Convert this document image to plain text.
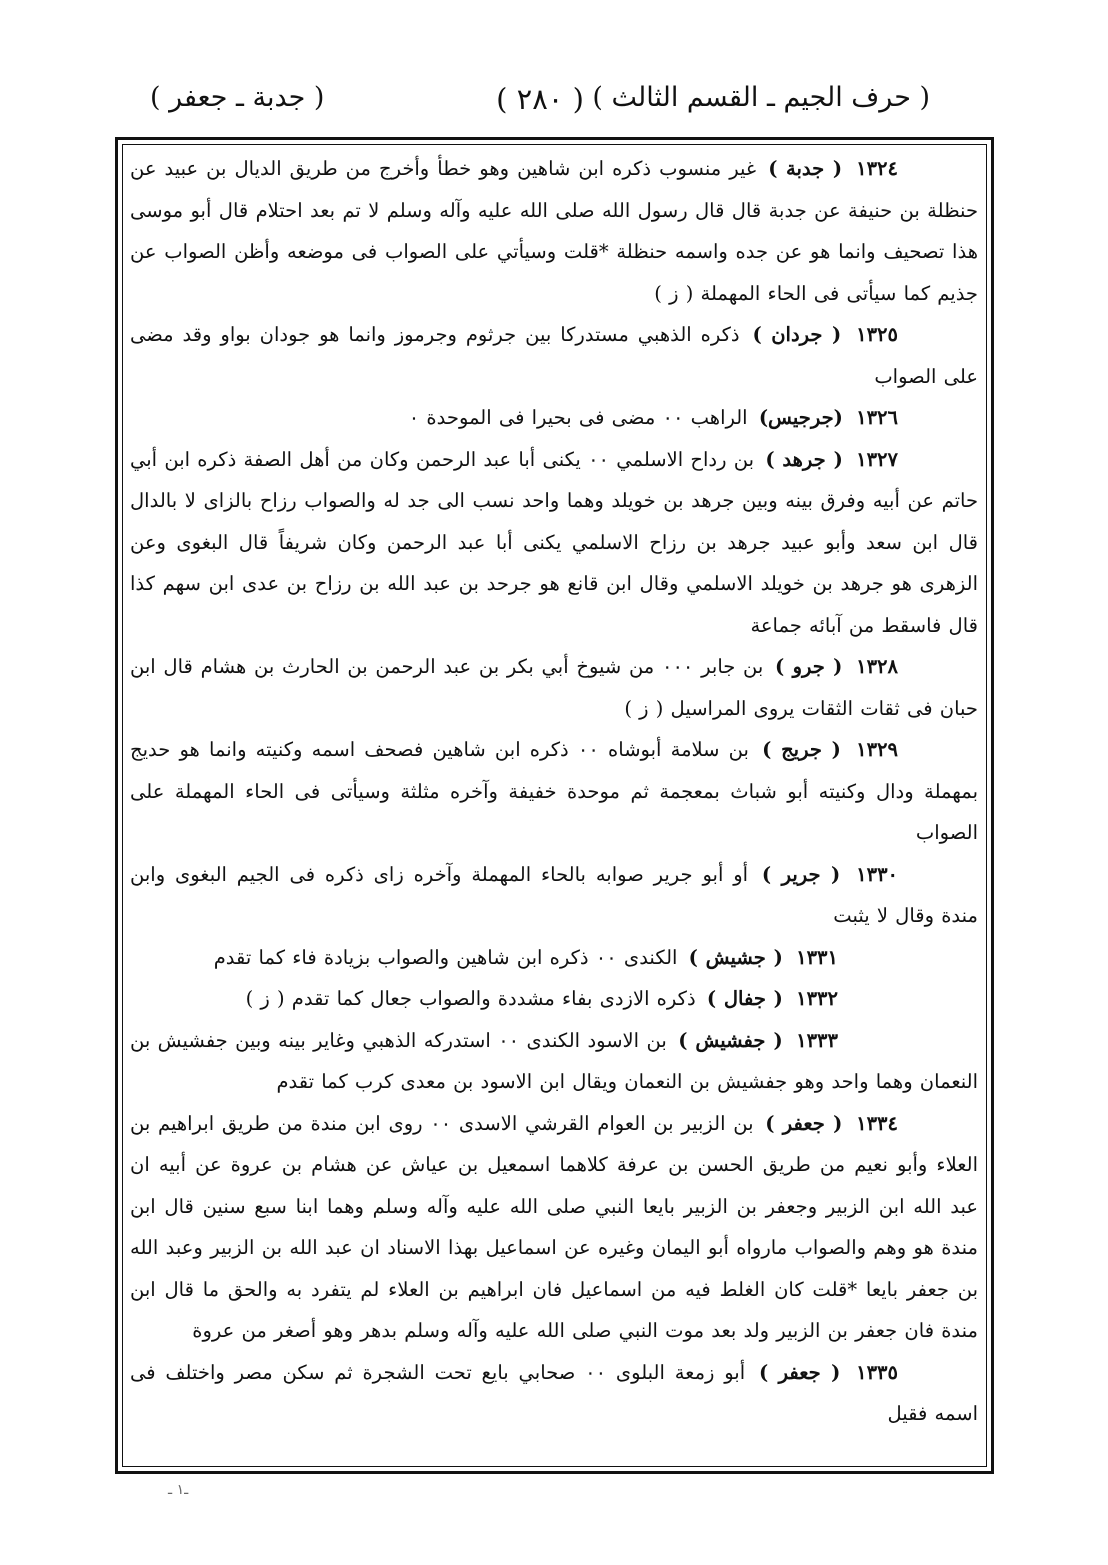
( حرف الجيم ـ القسم الثالث )
( ٢٨٠ )
( جدبة ـ جعفر )

١٣٢٤ ( جدبة ) غير منسوب ذكره ابن شاهين وهو خطأ وأخرج من طريق الديال بن عبيد عن حنظلة بن حنيفة عن جدبة قال قال رسول الله صلى الله عليه وآله وسلم لا تم بعد احتلام قال أبو موسى هذا تصحيف وانما هو عن جده واسمه حنظلة *قلت وسيأتي على الصواب فى موضعه وأظن الصواب عن جذيم كما سيأتى فى الحاء المهملة ( ز )

١٣٢٥ ( جردان ) ذكره الذهبي مستدركا بين جرثوم وجرموز وانما هو جودان بواو وقد مضى على الصواب

١٣٢٦ (جرجيس) الراهب ٠٠ مضى فى بحيرا فى الموحدة ٠

١٣٢٧ ( جرهد ) بن رداح الاسلمي ٠٠ يكنى أبا عبد الرحمن وكان من أهل الصفة ذكره ابن أبي حاتم عن أبيه وفرق بينه وبين جرهد بن خويلد وهما واحد نسب الى جد له والصواب رزاح بالزاى لا بالدال قال ابن سعد وأبو عبيد جرهد بن رزاح الاسلمي يكنى أبا عبد الرحمن وكان شريفاً قال البغوى وعن الزهرى هو جرهد بن خويلد الاسلمي وقال ابن قانع هو جرحد بن عبد الله بن رزاح بن عدى ابن سهم كذا قال فاسقط من آبائه جماعة

١٣٢٨ ( جرو ) بن جابر ٠٠٠ من شيوخ أبي بكر بن عبد الرحمن بن الحارث بن هشام قال ابن حبان فى ثقات الثقات يروى المراسيل ( ز )

١٣٢٩ ( جريج ) بن سلامة أبوشاه ٠٠ ذكره ابن شاهين فصحف اسمه وكنيته وانما هو حديج بمهملة ودال وكنيته أبو شباث بمعجمة ثم موحدة خفيفة وآخره مثلثة وسيأتى فى الحاء المهملة على الصواب

١٣٣٠ ( جرير ) أو أبو جرير صوابه بالحاء المهملة وآخره زاى ذكره فى الجيم البغوى وابن مندة وقال لا يثبت

١٣٣١ ( جشيش ) الكندى ٠٠ ذكره ابن شاهين والصواب بزيادة فاء كما تقدم

١٣٣٢ ( جفال ) ذكره الازدى بفاء مشددة والصواب جعال كما تقدم ( ز )

١٣٣٣ ( جفشيش ) بن الاسود الكندى ٠٠ استدركه الذهبي وغاير بينه وبين جفشيش بن النعمان وهما واحد وهو جفشيش بن النعمان ويقال ابن الاسود بن معدى كرب كما تقدم

١٣٣٤ ( جعفر ) بن الزبير بن العوام القرشي الاسدى ٠٠ روى ابن مندة من طريق ابراهيم بن العلاء وأبو نعيم من طريق الحسن بن عرفة كلاهما اسمعيل بن عياش عن هشام بن عروة عن أبيه ان عبد الله ابن الزبير وجعفر بن الزبير بايعا النبي صلى الله عليه وآله وسلم وهما ابنا سبع سنين قال ابن مندة هو وهم والصواب مارواه أبو اليمان وغيره عن اسماعيل بهذا الاسناد ان عبد الله بن الزبير وعبد الله بن جعفر بايعا *قلت كان الغلط فيه من اسماعيل فان ابراهيم بن العلاء لم يتفرد به والحق ما قال ابن مندة فان جعفر بن الزبير ولد بعد موت النبي صلى الله عليه وآله وسلم بدهر وهو أصغر من عروة

١٣٣٥ ( جعفر ) أبو زمعة البلوى ٠٠ صحابي بايع تحت الشجرة ثم سكن مصر واختلف فى اسمه فقيل

ـ١ ـ
